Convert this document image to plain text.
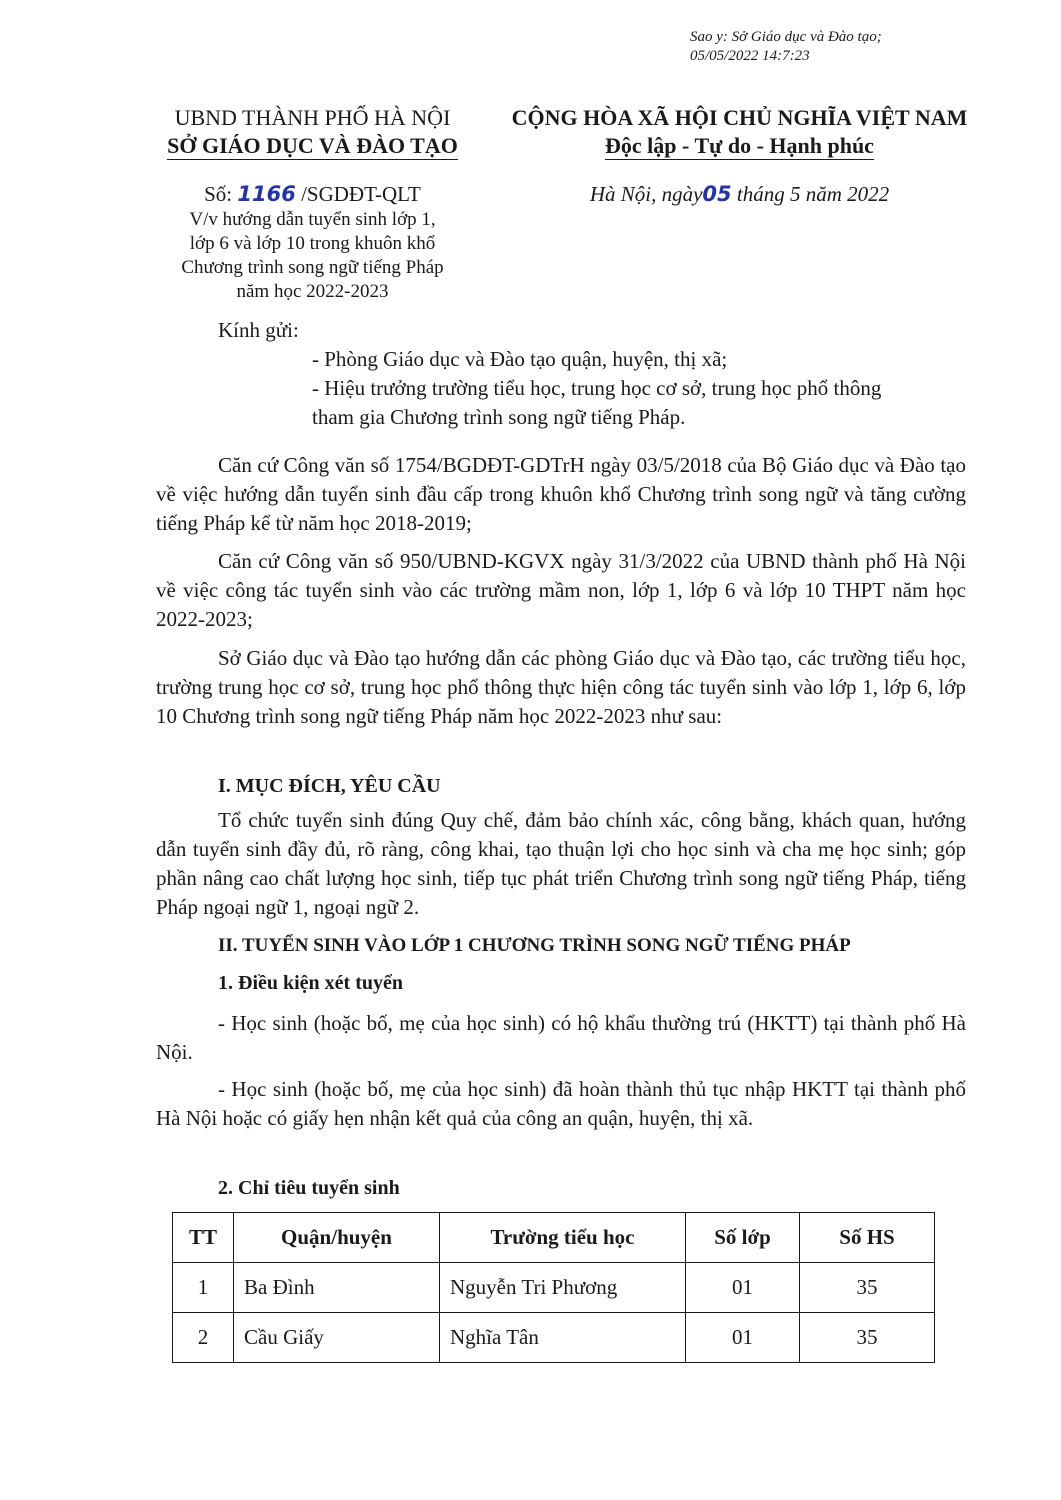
Sao y: Sở Giáo dục và Đào tạo;
05/05/2022 14:7:23
UBND THÀNH PHỐ HÀ NỘI
SỞ GIÁO DỤC VÀ ĐÀO TẠO
CỘNG HÒA XÃ HỘI CHỦ NGHĨA VIỆT NAM
Độc lập - Tự do - Hạnh phúc
Số: 1166 /SGDĐT-QLT
V/v hướng dẫn tuyển sinh lớp 1,
lớp 6 và lớp 10 trong khuôn khổ
Chương trình song ngữ tiếng Pháp
năm học 2022-2023
Hà Nội, ngày05 tháng 5 năm 2022
Kính gửi:
- Phòng Giáo dục và Đào tạo quận, huyện, thị xã;
- Hiệu trưởng trường tiểu học, trung học cơ sở, trung học phổ thông tham gia Chương trình song ngữ tiếng Pháp.
Căn cứ Công văn số 1754/BGDĐT-GDTrH ngày 03/5/2018 của Bộ Giáo dục và Đào tạo về việc hướng dẫn tuyển sinh đầu cấp trong khuôn khổ Chương trình song ngữ và tăng cường tiếng Pháp kể từ năm học 2018-2019;
Căn cứ Công văn số 950/UBND-KGVX ngày 31/3/2022 của UBND thành phố Hà Nội về việc công tác tuyển sinh vào các trường mầm non, lớp 1, lớp 6 và lớp 10 THPT năm học 2022-2023;
Sở Giáo dục và Đào tạo hướng dẫn các phòng Giáo dục và Đào tạo, các trường tiểu học, trường trung học cơ sở, trung học phổ thông thực hiện công tác tuyển sinh vào lớp 1, lớp 6, lớp 10 Chương trình song ngữ tiếng Pháp năm học 2022-2023 như sau:
I. MỤC ĐÍCH, YÊU CẦU
Tổ chức tuyển sinh đúng Quy chế, đảm bảo chính xác, công bằng, khách quan, hướng dẫn tuyển sinh đầy đủ, rõ ràng, công khai, tạo thuận lợi cho học sinh và cha mẹ học sinh; góp phần nâng cao chất lượng học sinh, tiếp tục phát triển Chương trình song ngữ tiếng Pháp, tiếng Pháp ngoại ngữ 1, ngoại ngữ 2.
II. TUYỂN SINH VÀO LỚP 1 CHƯƠNG TRÌNH SONG NGỮ TIẾNG PHÁP
1. Điều kiện xét tuyển
- Học sinh (hoặc bố, mẹ của học sinh) có hộ khẩu thường trú (HKTT) tại thành phố Hà Nội.
- Học sinh (hoặc bố, mẹ của học sinh) đã hoàn thành thủ tục nhập HKTT tại thành phố Hà Nội hoặc có giấy hẹn nhận kết quả của công an quận, huyện, thị xã.
2. Chỉ tiêu tuyển sinh
TT	Quận/huyện	Trường tiểu học	Số lớp	Số HS
1	Ba Đình	Nguyễn Tri Phương	01	35
2	Cầu Giấy	Nghĩa Tân	01	35
